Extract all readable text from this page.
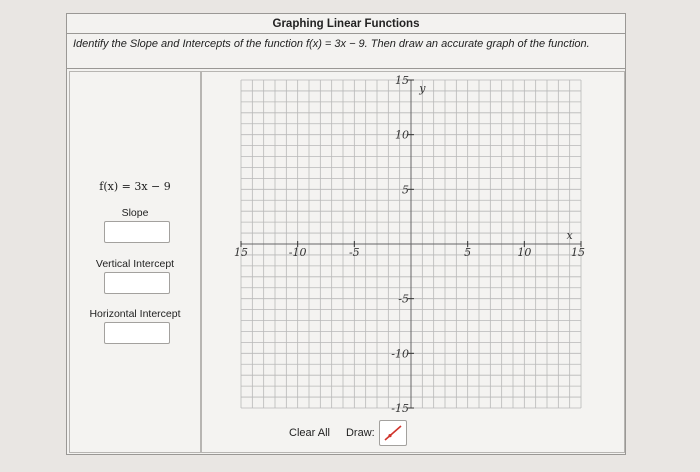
Graphing Linear Functions
Identify the Slope and Intercepts of the function f(x) = 3x − 9. Then draw an accurate graph of the function.
f(x) = 3x − 9
Slope
Vertical Intercept
Horizontal Intercept
15	-10	-5	5	10	15
15
10
5
-5
-10
-15
x
y
Clear All Draw:
